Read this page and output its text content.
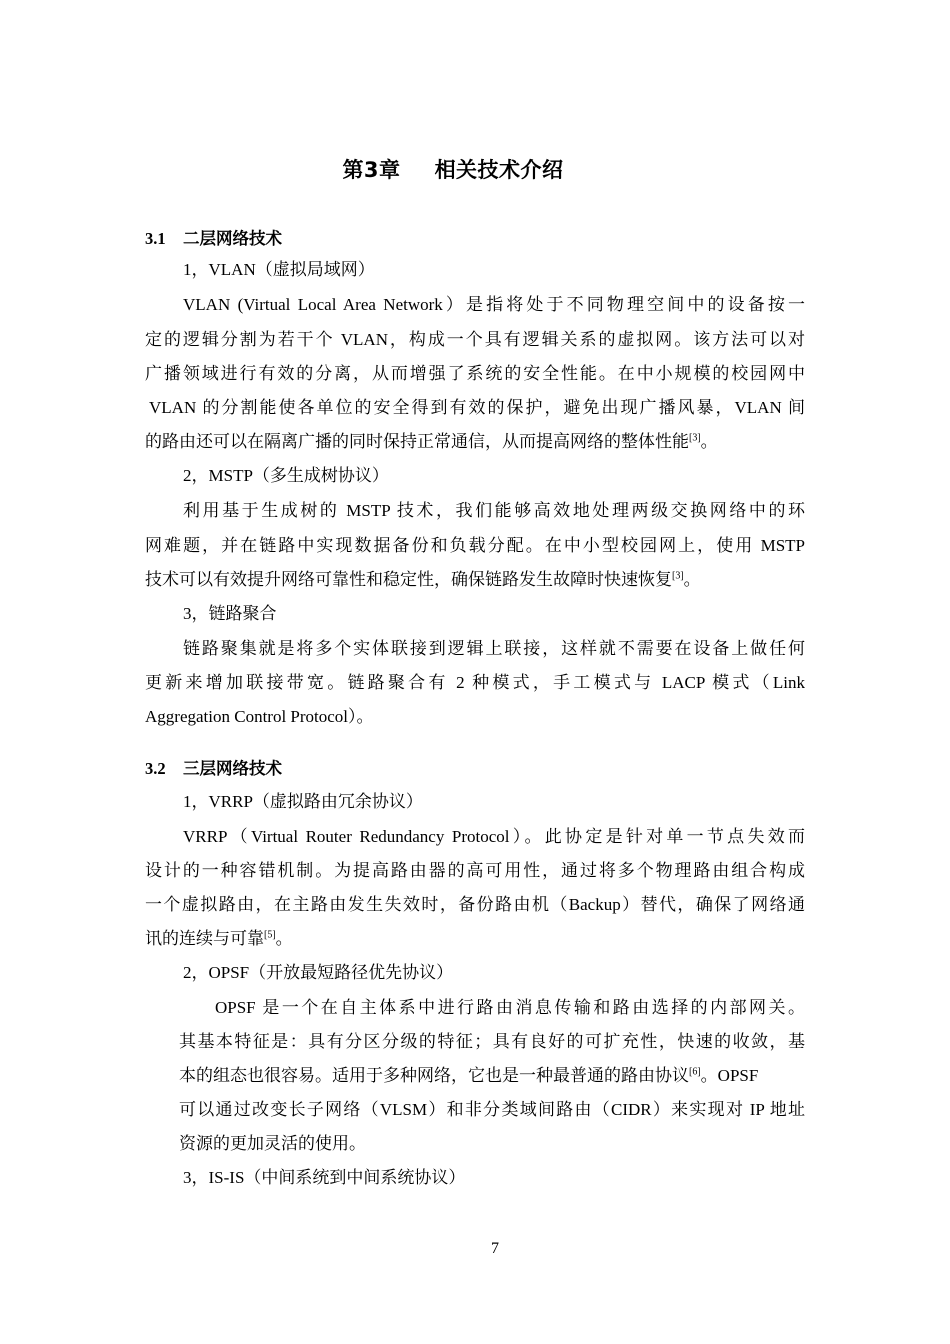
第3章 相关技术介绍
3.1 二层网络技术
1，VLAN（虚拟局域网）
VLAN (Virtual Local Area Network）是指将处于不同物理空间中的设备按一
定的逻辑分割为若干个 VLAN，构成一个具有逻辑关系的虚拟网。该方法可以对
广播领域进行有效的分离，从而增强了系统的安全性能。在中小规模的校园网中
VLAN 的分割能使各单位的安全得到有效的保护，避免出现广播风暴，VLAN 间
的路由还可以在隔离广播的同时保持正常通信，从而提高网络的整体性能[3]。
2，MSTP（多生成树协议）
利用基于生成树的 MSTP 技术，我们能够高效地处理两级交换网络中的环
网难题，并在链路中实现数据备份和负载分配。在中小型校园网上，使用 MSTP
技术可以有效提升网络可靠性和稳定性，确保链路发生故障时快速恢复[3]。
3，链路聚合
链路聚集就是将多个实体联接到逻辑上联接，这样就不需要在设备上做任何
更新来增加联接带宽。链路聚合有 2 种模式，手工模式与 LACP 模式（Link
Aggregation Control Protocol）。
3.2 三层网络技术
1，VRRP（虚拟路由冗余协议）
VRRP（Virtual Router Redundancy Protocol）。此协定是针对单一节点失效而
设计的一种容错机制。为提高路由器的高可用性，通过将多个物理路由组合构成
一个虚拟路由，在主路由发生失效时，备份路由机（Backup）替代，确保了网络通
讯的连续与可靠[5]。
2，OPSF（开放最短路径优先协议）
OPSF 是一个在自主体系中进行路由消息传输和路由选择的内部网关。
其基本特征是：具有分区分级的特征；具有良好的可扩充性，快速的收敛，基
本的组态也很容易。适用于多种网络，它也是一种最普通的路由协议[6]。OPSF
可以通过改变长子网络（VLSM）和非分类域间路由（CIDR）来实现对 IP 地址
资源的更加灵活的使用。
3，IS-IS（中间系统到中间系统协议）
7
